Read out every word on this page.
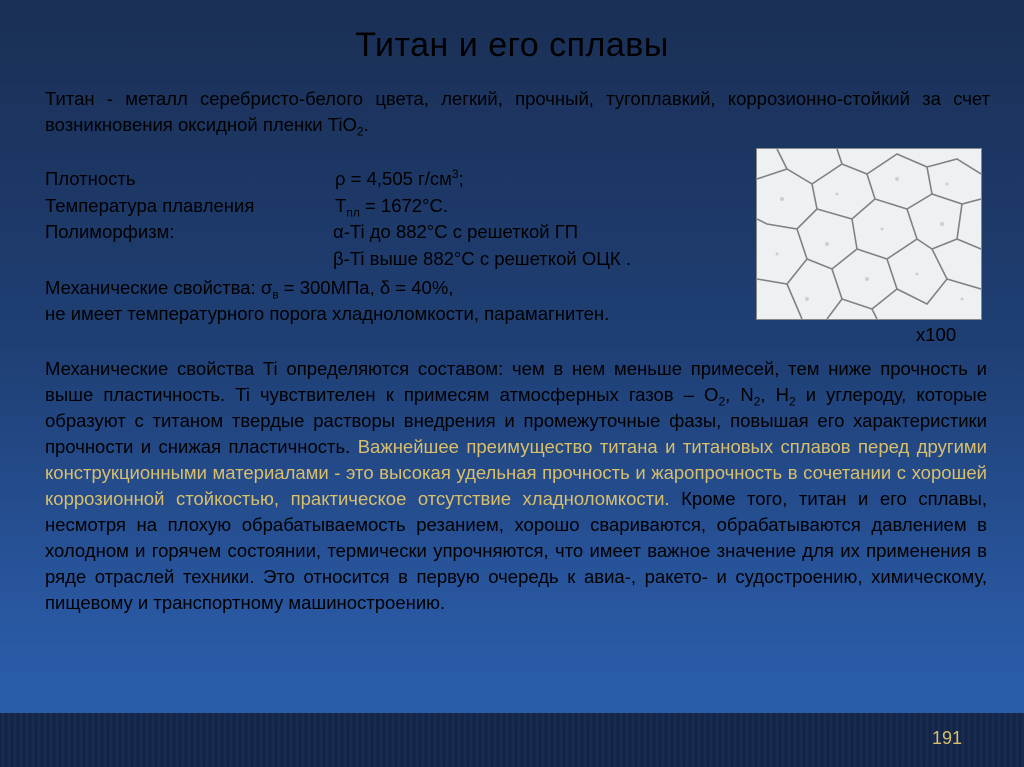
Титан и его сплавы
Титан - металл серебристо-белого цвета, легкий, прочный, тугоплавкий, коррозионно-стойкий за счет возникновения оксидной пленки TiO$_2$.
Плотность	ρ = 4,505 $г/см^3$;
Температура плавления	$T_{пл} = 1672^\circ С$.
Полиморфизм:	α-Ti до 882°С с решеткой ГП
β-Ti выше 882°С с решеткой ОЦК .
Механические свойства: $\sigma_в = 300МПа$, δ = 40%,
не имеет температурного порога хладноломкости, парамагнитен.
x100
Механические свойства Ti определяются составом: чем в нем меньше примесей, тем ниже прочность и выше пластичность. Ti чувствителен к примесям атмосферных газов – $O_2$, $N_2$, $H_2$ и углероду, которые образуют с титаном твердые растворы внедрения и промежуточные фазы, повышая его характеристики прочности и снижая пластичность. Важнейшее преимущество титана и титановых сплавов перед другими конструкционными материалами - это высокая удельная прочность и жаропрочность в сочетании с хорошей коррозионной стойкостью, практическое отсутствие хладноломкости. Кроме того, титан и его сплавы, несмотря на плохую обрабатываемость резанием, хорошо свариваются, обрабатываются давлением в холодном и горячем состоянии, термически упрочняются, что имеет важное значение для их применения в ряде отраслей техники. Это относится в первую очередь к авиа-, ракето- и судостроению, химическому, пищевому и транспортному машиностроению.
191
